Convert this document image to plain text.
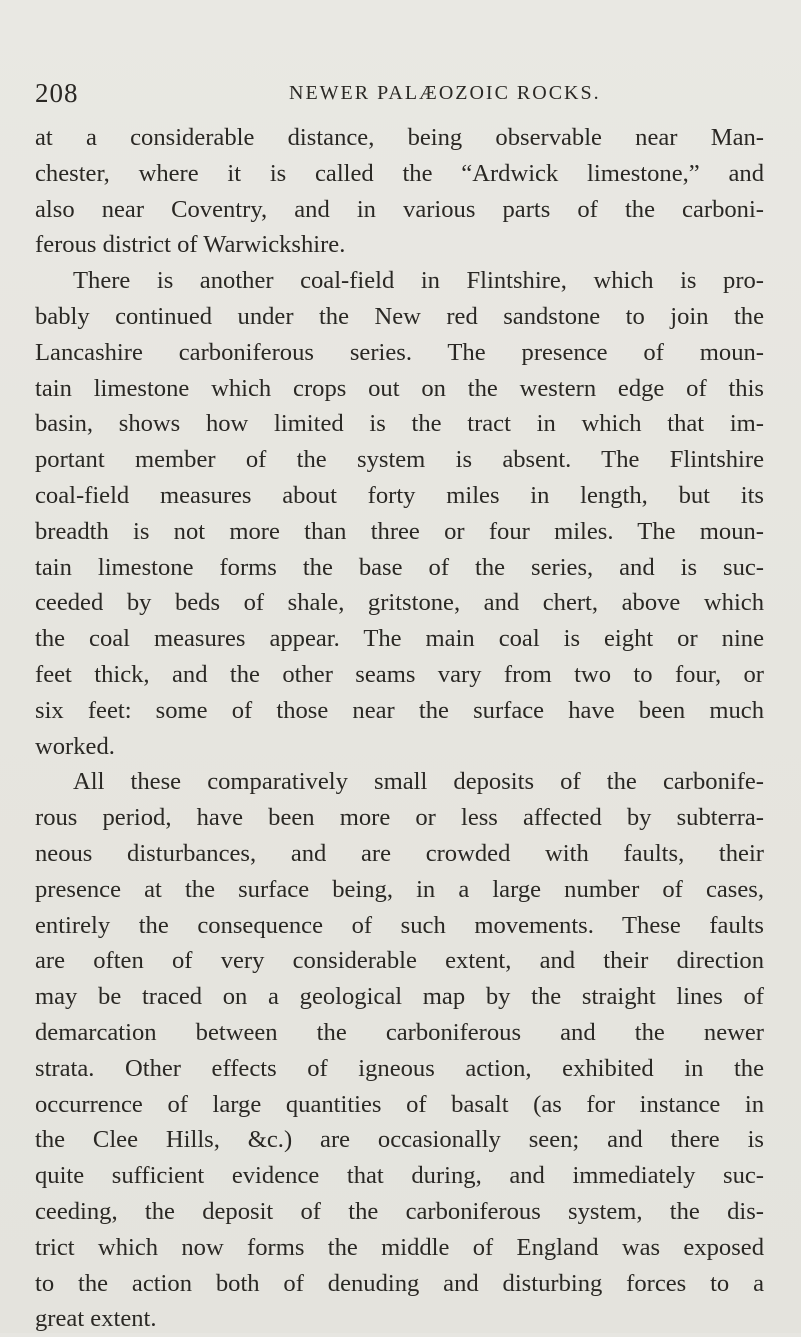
208	NEWER PALÆOZOIC ROCKS.
at a considerable distance, being observable near Man-
chester, where it is called the “Ardwick limestone,” and
also near Coventry, and in various parts of the carboni-
ferous district of Warwickshire.
There is another coal-field in Flintshire, which is pro-
bably continued under the New red sandstone to join the
Lancashire carboniferous series. The presence of moun-
tain limestone which crops out on the western edge of this
basin, shows how limited is the tract in which that im-
portant member of the system is absent. The Flintshire
coal-field measures about forty miles in length, but its
breadth is not more than three or four miles. The moun-
tain limestone forms the base of the series, and is suc-
ceeded by beds of shale, gritstone, and chert, above which
the coal measures appear. The main coal is eight or nine
feet thick, and the other seams vary from two to four, or
six feet: some of those near the surface have been much
worked.
All these comparatively small deposits of the carbonife-
rous period, have been more or less affected by subterra-
neous disturbances, and are crowded with faults, their
presence at the surface being, in a large number of cases,
entirely the consequence of such movements. These faults
are often of very considerable extent, and their direction
may be traced on a geological map by the straight lines of
demarcation between the carboniferous and the newer
strata. Other effects of igneous action, exhibited in the
occurrence of large quantities of basalt (as for instance in
the Clee Hills, &c.) are occasionally seen; and there is
quite sufficient evidence that during, and immediately suc-
ceeding, the deposit of the carboniferous system, the dis-
trict which now forms the middle of England was exposed
to the action both of denuding and disturbing forces to a
great extent.
